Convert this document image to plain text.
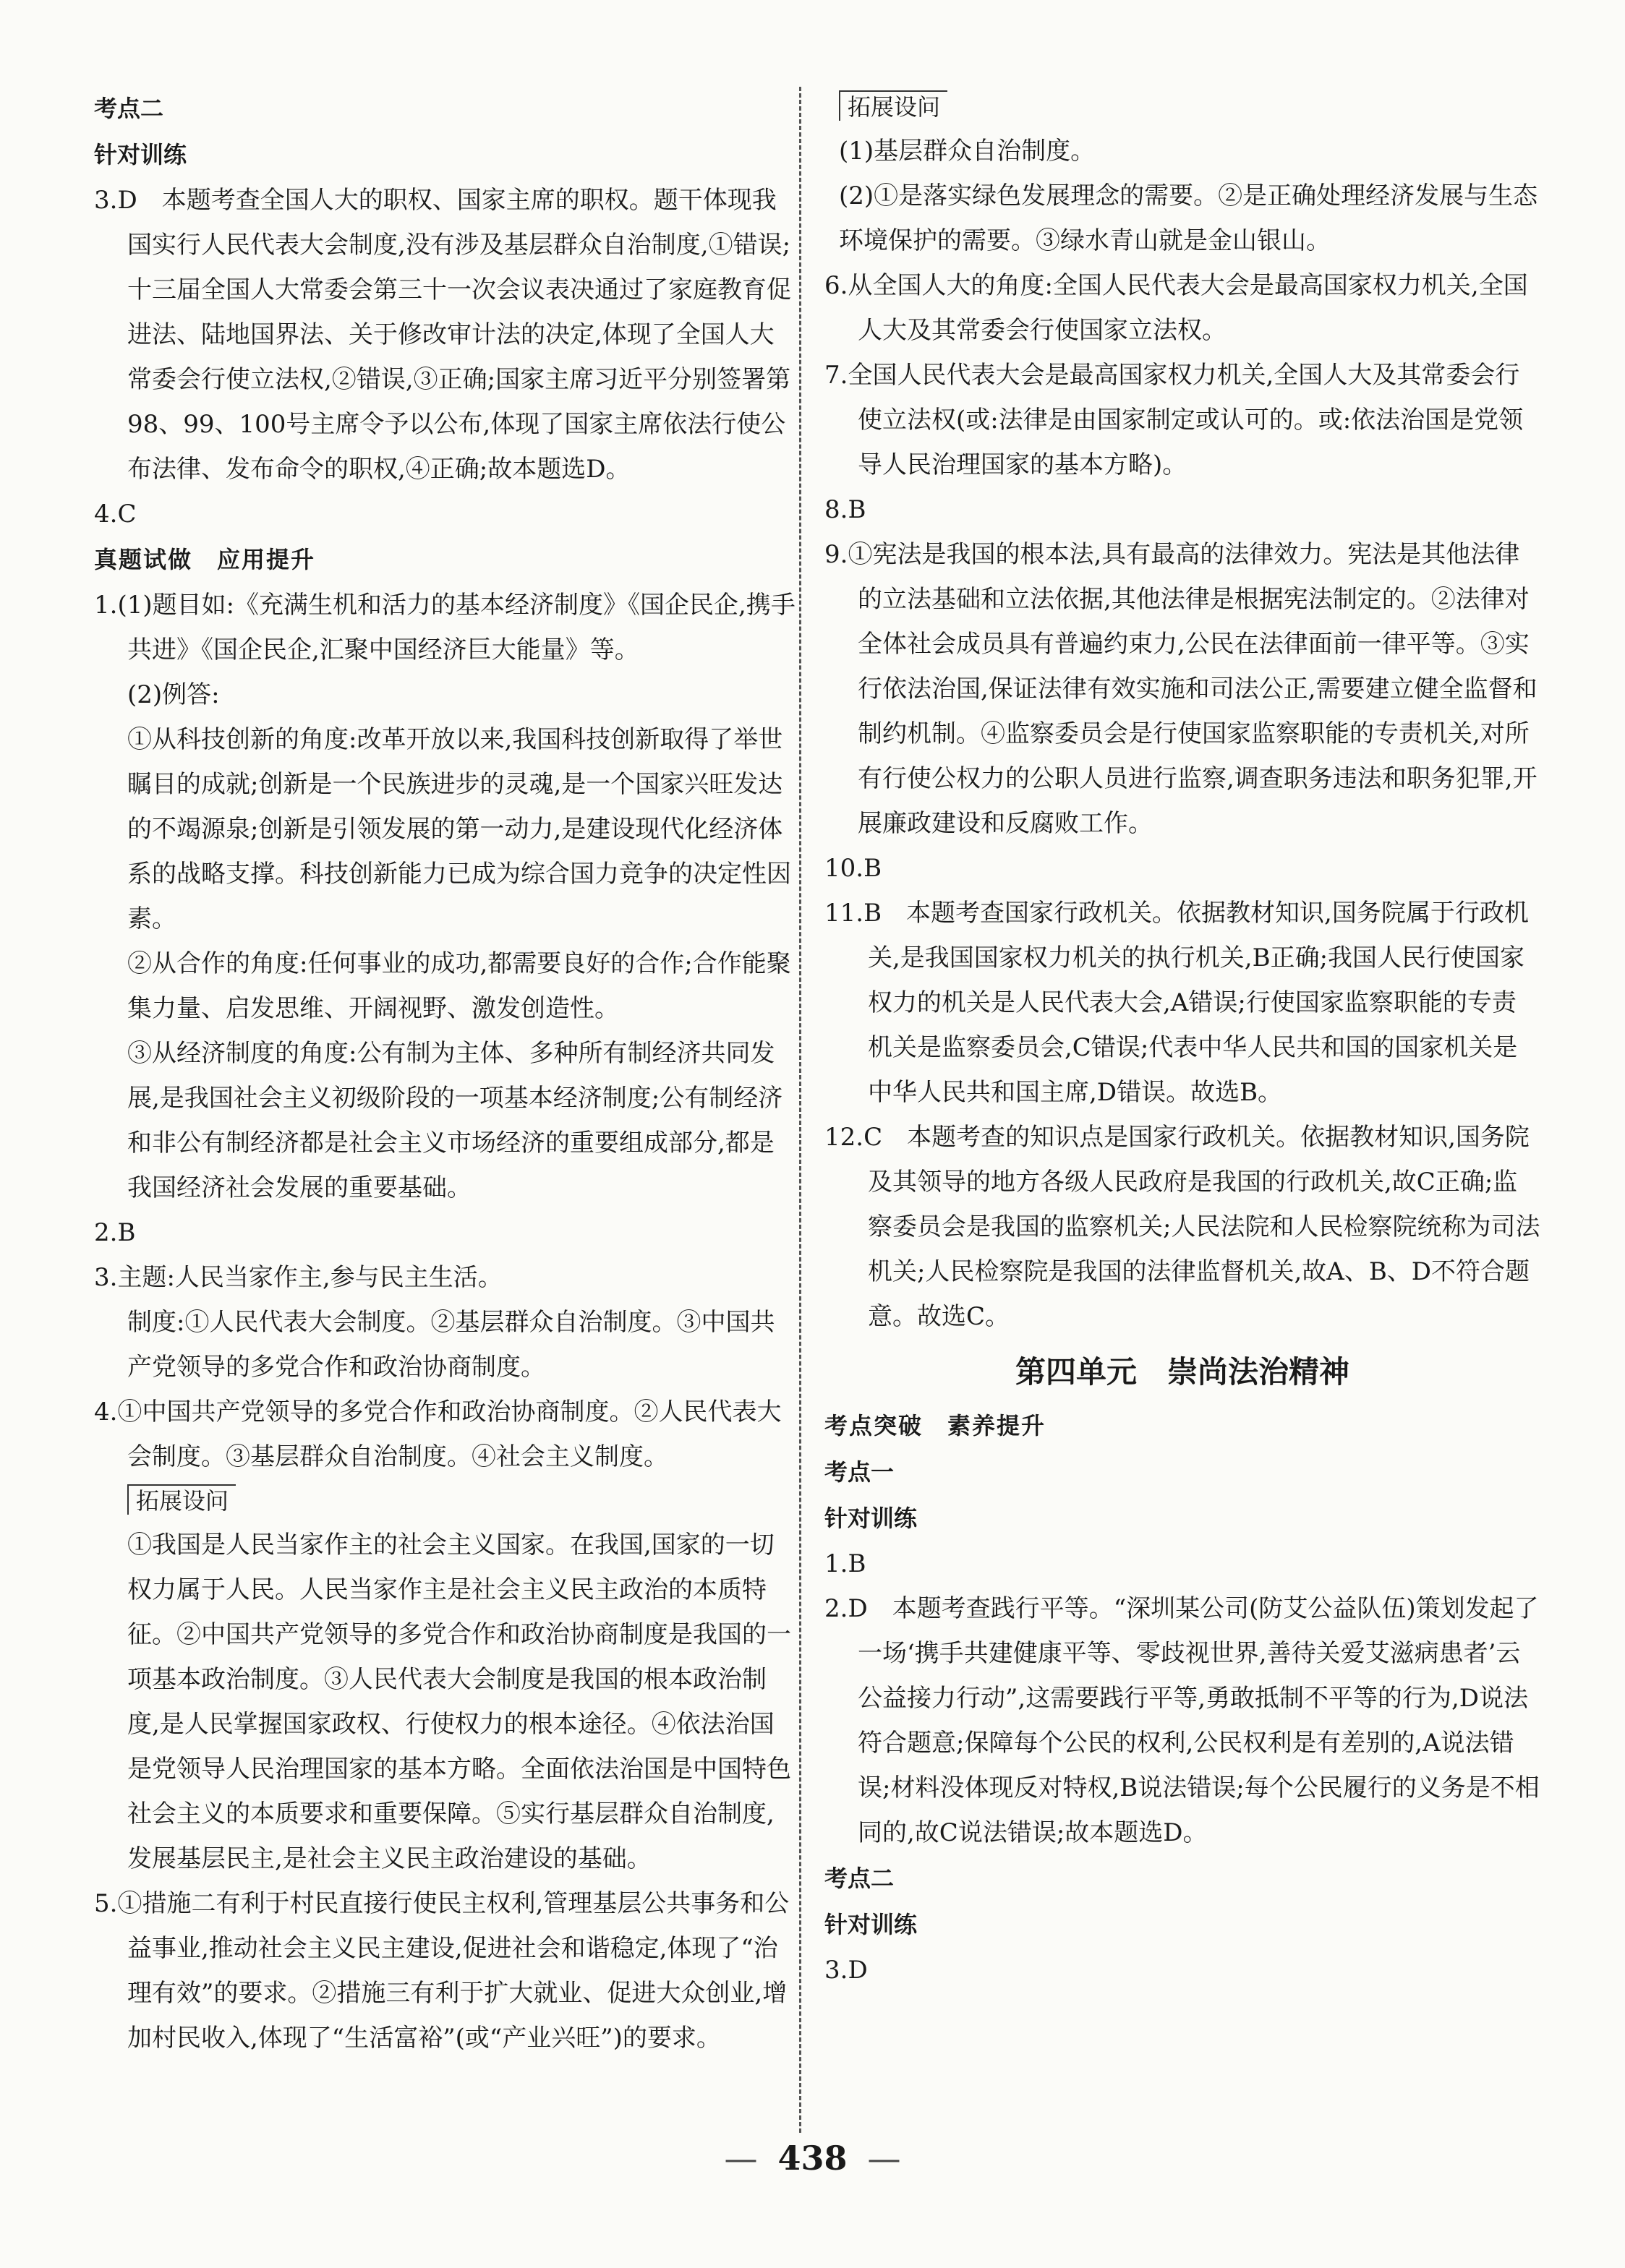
考点二

针对训练

3.D　本题考查全国人大的职权、国家主席的职权。题干体现我国实行人民代表大会制度,没有涉及基层群众自治制度,①错误;十三届全国人大常委会第三十一次会议表决通过了家庭教育促进法、陆地国界法、关于修改审计法的决定,体现了全国人大常委会行使立法权,②错误,③正确;国家主席习近平分别签署第98、99、100号主席令予以公布,体现了国家主席依法行使公布法律、发布命令的职权,④正确;故本题选D。

4.C

真题试做　应用提升

1.(1)题目如:《充满生机和活力的基本经济制度》《国企民企,携手共进》《国企民企,汇聚中国经济巨大能量》等。

(2)例答:

①从科技创新的角度:改革开放以来,我国科技创新取得了举世瞩目的成就;创新是一个民族进步的灵魂,是一个国家兴旺发达的不竭源泉;创新是引领发展的第一动力,是建设现代化经济体系的战略支撑。科技创新能力已成为综合国力竞争的决定性因素。

②从合作的角度:任何事业的成功,都需要良好的合作;合作能聚集力量、启发思维、开阔视野、激发创造性。

③从经济制度的角度:公有制为主体、多种所有制经济共同发展,是我国社会主义初级阶段的一项基本经济制度;公有制经济和非公有制经济都是社会主义市场经济的重要组成部分,都是我国经济社会发展的重要基础。

2.B

3.主题:人民当家作主,参与民主生活。

制度:①人民代表大会制度。②基层群众自治制度。③中国共产党领导的多党合作和政治协商制度。

4.①中国共产党领导的多党合作和政治协商制度。②人民代表大会制度。③基层群众自治制度。④社会主义制度。

拓展设问

①我国是人民当家作主的社会主义国家。在我国,国家的一切权力属于人民。人民当家作主是社会主义民主政治的本质特征。②中国共产党领导的多党合作和政治协商制度是我国的一项基本政治制度。③人民代表大会制度是我国的根本政治制度,是人民掌握国家政权、行使权力的根本途径。④依法治国是党领导人民治理国家的基本方略。全面依法治国是中国特色社会主义的本质要求和重要保障。⑤实行基层群众自治制度,发展基层民主,是社会主义民主政治建设的基础。

5.①措施二有利于村民直接行使民主权利,管理基层公共事务和公益事业,推动社会主义民主建设,促进社会和谐稳定,体现了“治理有效”的要求。②措施三有利于扩大就业、促进大众创业,增加村民收入,体现了“生活富裕”(或“产业兴旺”)的要求。

拓展设问

(1)基层群众自治制度。

(2)①是落实绿色发展理念的需要。②是正确处理经济发展与生态环境保护的需要。③绿水青山就是金山银山。

6.从全国人大的角度:全国人民代表大会是最高国家权力机关,全国人大及其常委会行使国家立法权。

7.全国人民代表大会是最高国家权力机关,全国人大及其常委会行使立法权(或:法律是由国家制定或认可的。或:依法治国是党领导人民治理国家的基本方略)。

8.B

9.①宪法是我国的根本法,具有最高的法律效力。宪法是其他法律的立法基础和立法依据,其他法律是根据宪法制定的。②法律对全体社会成员具有普遍约束力,公民在法律面前一律平等。③实行依法治国,保证法律有效实施和司法公正,需要建立健全监督和制约机制。④监察委员会是行使国家监察职能的专责机关,对所有行使公权力的公职人员进行监察,调查职务违法和职务犯罪,开展廉政建设和反腐败工作。

10.B

11.B　本题考查国家行政机关。依据教材知识,国务院属于行政机关,是我国国家权力机关的执行机关,B正确;我国人民行使国家权力的机关是人民代表大会,A错误;行使国家监察职能的专责机关是监察委员会,C错误;代表中华人民共和国的国家机关是中华人民共和国主席,D错误。故选B。

12.C　本题考查的知识点是国家行政机关。依据教材知识,国务院及其领导的地方各级人民政府是我国的行政机关,故C正确;监察委员会是我国的监察机关;人民法院和人民检察院统称为司法机关;人民检察院是我国的法律监督机关,故A、B、D不符合题意。故选C。

第四单元　崇尚法治精神

考点突破　素养提升

考点一

针对训练

1.B

2.D　本题考查践行平等。“深圳某公司(防艾公益队伍)策划发起了一场‘携手共建健康平等、零歧视世界,善待关爱艾滋病患者’云公益接力行动”,这需要践行平等,勇敢抵制不平等的行为,D说法符合题意;保障每个公民的权利,公民权利是有差别的,A说法错误;材料没体现反对特权,B说法错误;每个公民履行的义务是不相同的,故C说法错误;故本题选D。

考点二

针对训练

3.D

— 438 —
